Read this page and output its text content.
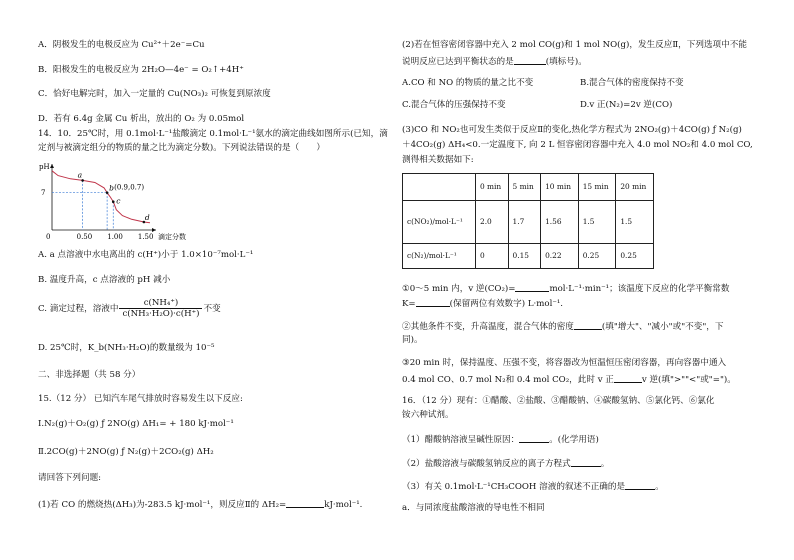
A．阴极发生的电极反应为 Cu²⁺＋2e⁻=Cu
B．阳极发生的电极反应为 2H₂O—4e⁻ = O₂↑+4H⁺
C．恰好电解完时，加入一定量的 Cu(NO₃)₂ 可恢复到原浓度
D．若有 6.4g 金属 Cu 析出，放出的 O₂ 为 0.05mol
14．10．25℃时，用 0.1mol·L⁻¹盐酸滴定 0.1mol·L⁻¹氨水的滴定曲线如图所示(已知，滴
定剂与被滴定组分的物质的量之比为滴定分数)。下列说法错误的是（　　）
pH
滴定分数
0	0.50 1.00 1.50
7
a
b
c
d
(0.9,0.7)
A. a 点溶液中水电离出的 c(H⁺)小于 1.0×10⁻⁷mol·L⁻¹
B. 温度升高，c 点溶液的 pH 减小
C. 滴定过程，溶液中 $\frac{\text{c(NH₄⁺)}}{\text{c(NH₃·H₂O)·c(H⁺)}}$ 不变
D. 25℃时，K_b(NH₃·H₂O)的数量级为 10⁻⁵
二、非选择题（共 58 分）
15.（12 分） 已知汽车尾气排放时容易发生以下反应:
Ⅰ.N₂(g)＋O₂(g) ƒ 2NO(g) ΔH₁= + 180 kJ·mol⁻¹
Ⅱ.2CO(g)＋2NO(g) ƒ N₂(g)＋2CO₂(g) ΔH₂
请回答下列问题:
(1)若 CO 的燃烧热(ΔH₃)为-283.5 kJ·mol⁻¹，则反应Ⅱ的 ΔH₂=	kJ·mol⁻¹.
(2)若在恒容密闭容器中充入 2 mol CO(g)和 1 mol NO(g)，发生反应Ⅱ，下列选项中不能
说明反应已达到平衡状态的是	(填标号)。
A.CO 和 NO 的物质的量之比不变	B.混合气体的密度保持不变
C.混合气体的压强保持不变	D.v 正(N₂)=2v 逆(CO)
(3)CO 和 NO₂也可发生类似于反应Ⅱ的变化,热化学方程式为 2NO₂(g)＋4CO(g) ƒ N₂(g)
＋4CO₂(g) ΔH₄<0.一定温度下, 向 2 L 恒容密闭容器中充入 4.0 mol NO₂和 4.0 mol CO,
测得相关数据如下:
	0 min	5 min	10 min	15 min	20 min
c(NO₂)/mol·L⁻¹	2.0	1.7	1.56	1.5	1.5
c(N₂)/mol·L⁻¹	0	0.15	0.22	0.25	0.25
①0～5 min 内，v 逆(CO₂)=	mol·L⁻¹·min⁻¹；该温度下反应的化学平衡常数
K=	(保留两位有效数字) L·mol⁻¹.
②其他条件不变，升高温度，混合气体的密度	(填"增大"、"减小"或"不变"，下
同)。
③20 min 时，保持温度、压强不变，将容器改为恒温恒压密闭容器，再向容器中通入
0.4 mol CO、0.7 mol N₂和 0.4 mol CO₂，此时 v 正	v 逆(填">""<"或"=")。
16．（12 分）现有：①醋酸、②盐酸、③醋酸钠、④碳酸氢钠、⑤氯化钙、⑥氯化
铵六种试剂。
（1）醋酸钠溶液呈碱性原因：	。(化学用语)
（2）盐酸溶液与碳酸氢钠反应的离子方程式	。
（3）有关 0.1mol·L⁻¹CH₃COOH 溶液的叙述不正确的是	。
a．与同浓度盐酸溶液的导电性不相同
